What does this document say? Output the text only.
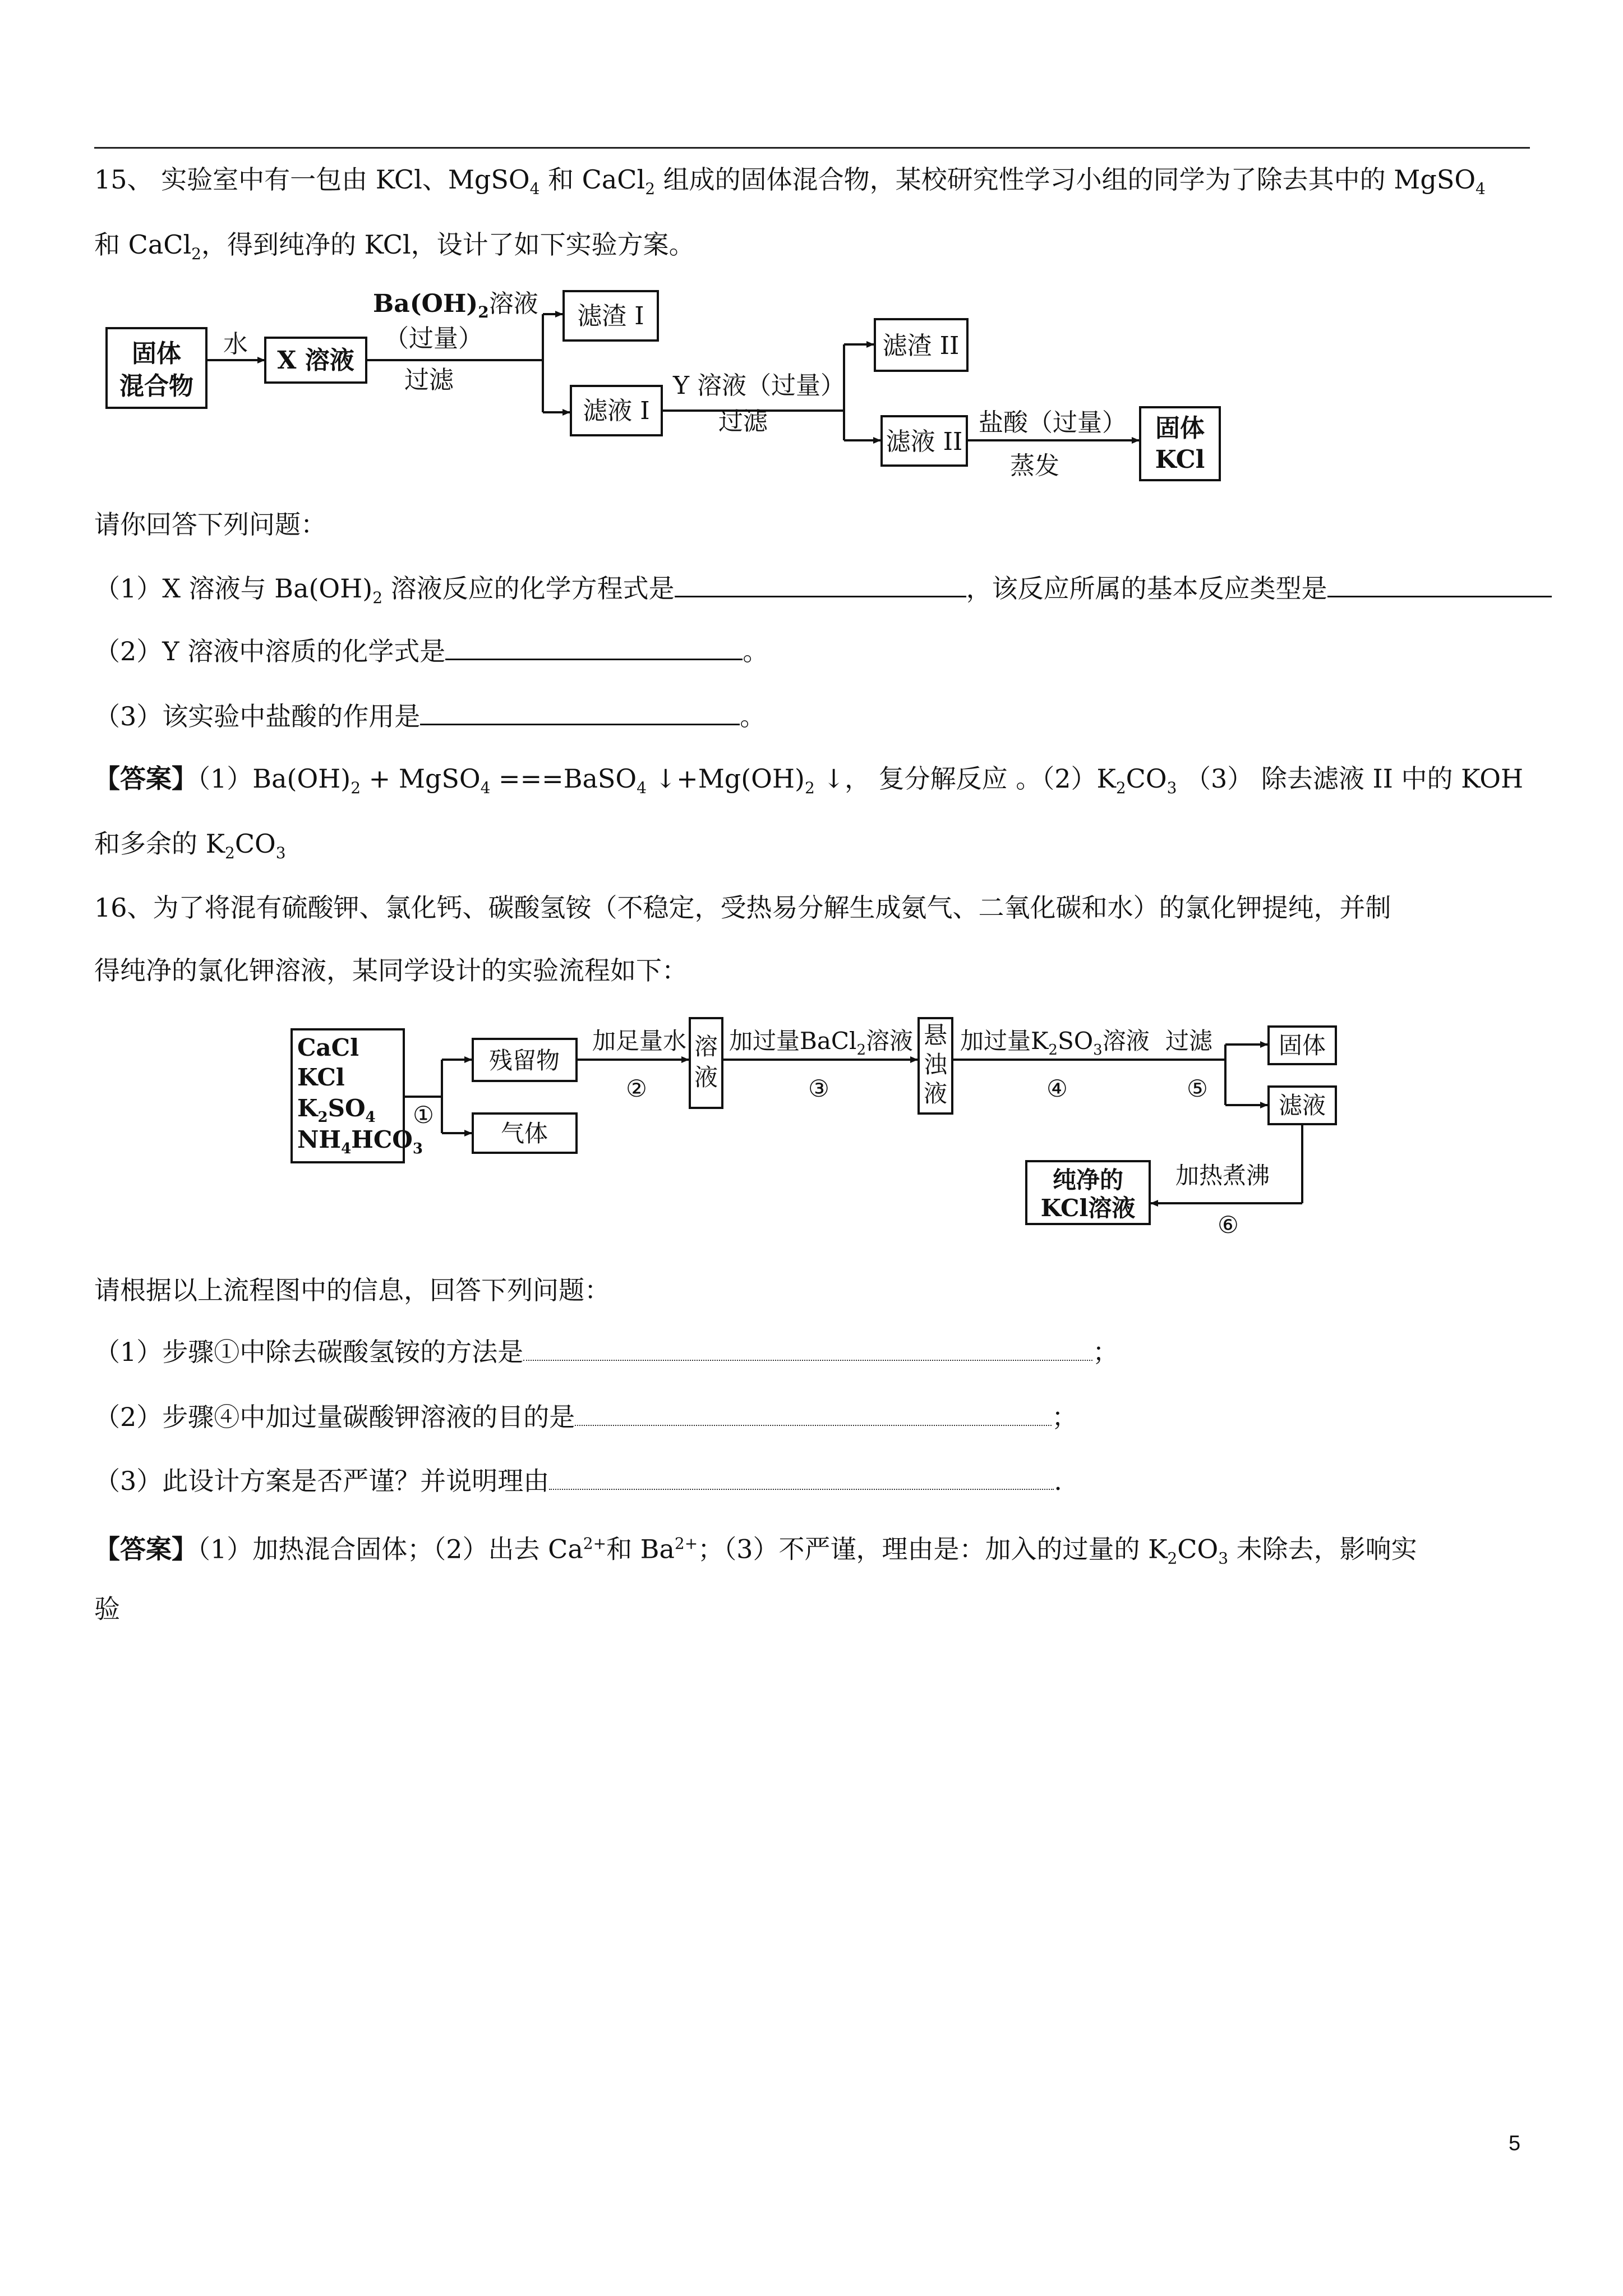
15、 实验室中有一包由 KCl、MgSO$_4$ 和 CaCl$_2$ 组成的固体混合物，某校研究性学习小组的同学为了除去其中的 MgSO$_4$
和 CaCl$_2$，得到纯净的 KCl，设计了如下实验方案。
固体
混合物
X 溶液
水
$Ba(OH)_2$溶液
（过量）
过滤
滤渣 I
滤液 I
Y 溶液（过量）
过滤
滤渣 II
滤液 II
盐酸（过量）
蒸发
固体
KCl
CaCl
KCl
$K_2SO_4$
$NH_4HCO_3$
①
残留物
气体
加足量水
②
溶
液
加过量BaCl$_2$溶液
③
悬
浊
液
加过量$K_2SO_3$溶液
④
过滤
⑤
固体
滤液
加热煮沸
⑥
纯净的
KCl溶液
请你回答下列问题：
（1）X 溶液与 $Ba(OH)_2$ 溶液反应的化学方程式是	，该反应所属的基本反应类型是
（2）Y 溶液中溶质的化学式是	。
（3）该实验中盐酸的作用是	。
【答案】$(1)Ba(OH)_2$ + MgSO$_4$ ===BaSO$_4$ $↓+Mg(OH)_2$ ↓， 复分解反应 。$(2)K_2CO_3$ （3） 除去滤液 II 中的 KOH
和多余的 $K_2CO_3$
16、为了将混有硫酸钾、氯化钙、碳酸氢铵（不稳定，受热易分解生成氨气、二氧化碳和水）的氯化钾提纯，并制
得纯净的氯化钾溶液，某同学设计的实验流程如下：
请根据以上流程图中的信息，回答下列问题：
（1）步骤①中除去碳酸氢铵的方法是	；
（2）步骤④中加过量碳酸钾溶液的目的是	；
（3）此设计方案是否严谨？并说明理由	.
【答案】（1）加热混合固体；（2）出去 $Ca^{2+}$和 $Ba^{2+}$；（3）不严谨，理由是：加入的过量的 $K_2CO_3$ 未除去，影响实
验
5
